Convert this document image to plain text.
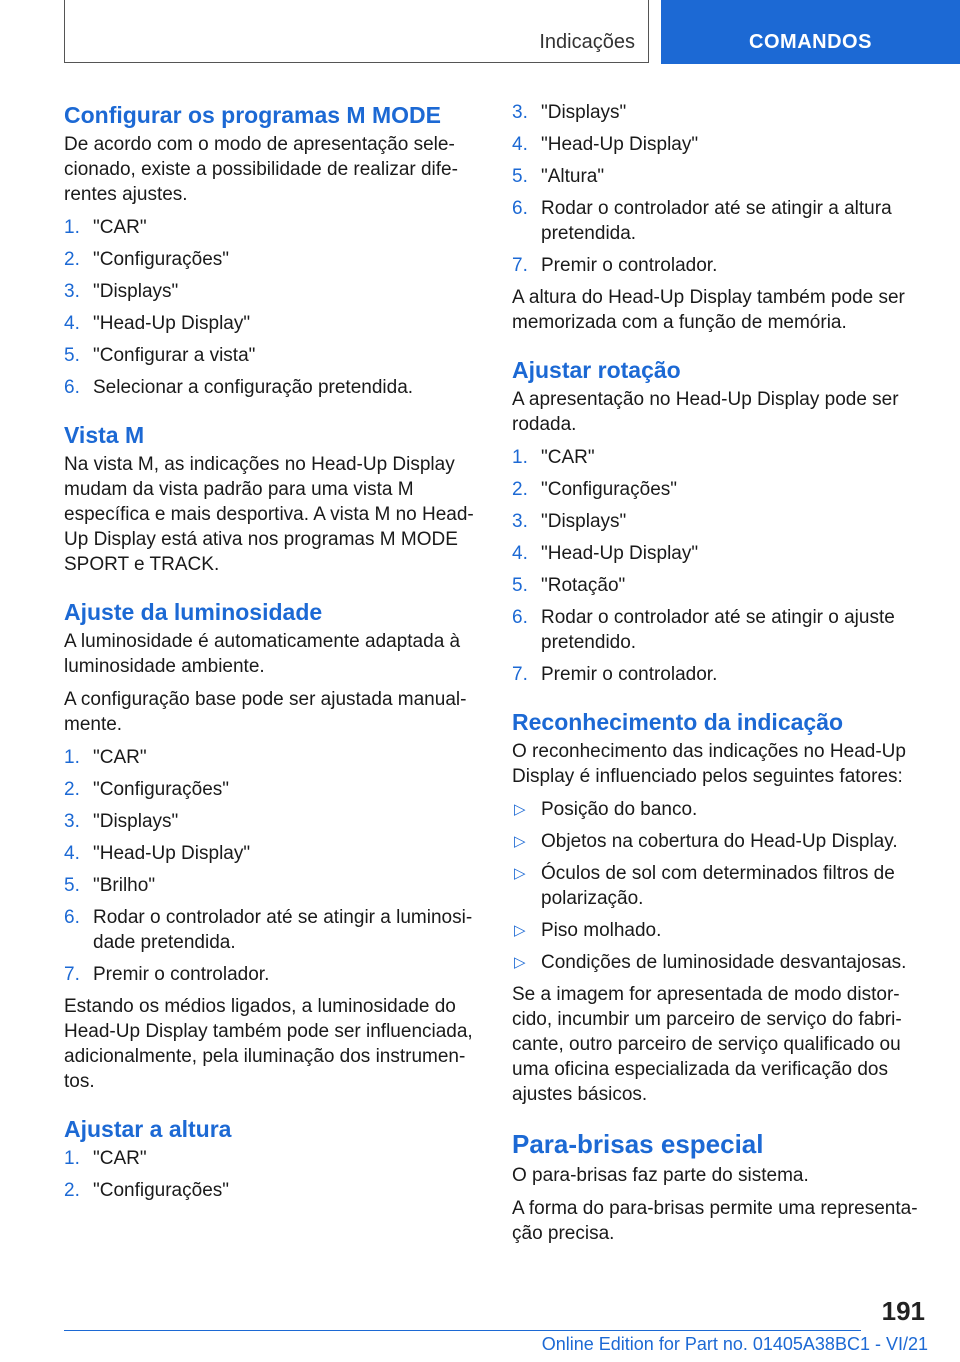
Indicações	COMANDOS
Configurar os programas M MODE

De acordo com o modo de apresentação selecionado, existe a possibilidade de realizar diferentes ajustes.

1. "CAR"
2. "Configurações"
3. "Displays"
4. "Head-Up Display"
5. "Configurar a vista"
6. Selecionar a configuração pretendida.
Vista M

Na vista M, as indicações no Head-Up Display mudam da vista padrão para uma vista M específica e mais desportiva. A vista M no Head-Up Display está ativa nos programas M MODE SPORT e TRACK.

Ajuste da luminosidade

A luminosidade é automaticamente adaptada à luminosidade ambiente.

A configuração base pode ser ajustada manualmente.

1. "CAR"
2. "Configurações"
3. "Displays"
4. "Head-Up Display"
5. "Brilho"
6. Rodar o controlador até se atingir a luminosidade pretendida.
7. Premir o controlador.

Estando os médios ligados, a luminosidade do Head-Up Display também pode ser influenciada, adicionalmente, pela iluminação dos instrumentos.

Ajustar a altura
1. "CAR"
2. "Configurações"
3. "Displays"
4. "Head-Up Display"
5. "Altura"
6. Rodar o controlador até se atingir a altura pretendida.
7. Premir o controlador.

A altura do Head-Up Display também pode ser memorizada com a função de memória.

Ajustar rotação

A apresentação no Head-Up Display pode ser rodada.

1. "CAR"
2. "Configurações"
3. "Displays"
4. "Head-Up Display"
5. "Rotação"
6. Rodar o controlador até se atingir o ajuste pretendido.
7. Premir o controlador.
Reconhecimento da indicação

O reconhecimento das indicações no Head-Up Display é influenciado pelos seguintes fatores:

▷ Posição do banco.
▷ Objetos na cobertura do Head-Up Display.
▷ Óculos de sol com determinados filtros de polarização.
▷ Piso molhado.
▷ Condições de luminosidade desvantajosas.

Se a imagem for apresentada de modo distorcido, incumbir um parceiro de serviço do fabricante, outro parceiro de serviço qualificado ou uma oficina especializada da verificação dos ajustes básicos.

Para-brisas especial

O para-brisas faz parte do sistema.

A forma do para-brisas permite uma representação precisa.

191
Online Edition for Part no. 01405A38BC1 - VI/21
